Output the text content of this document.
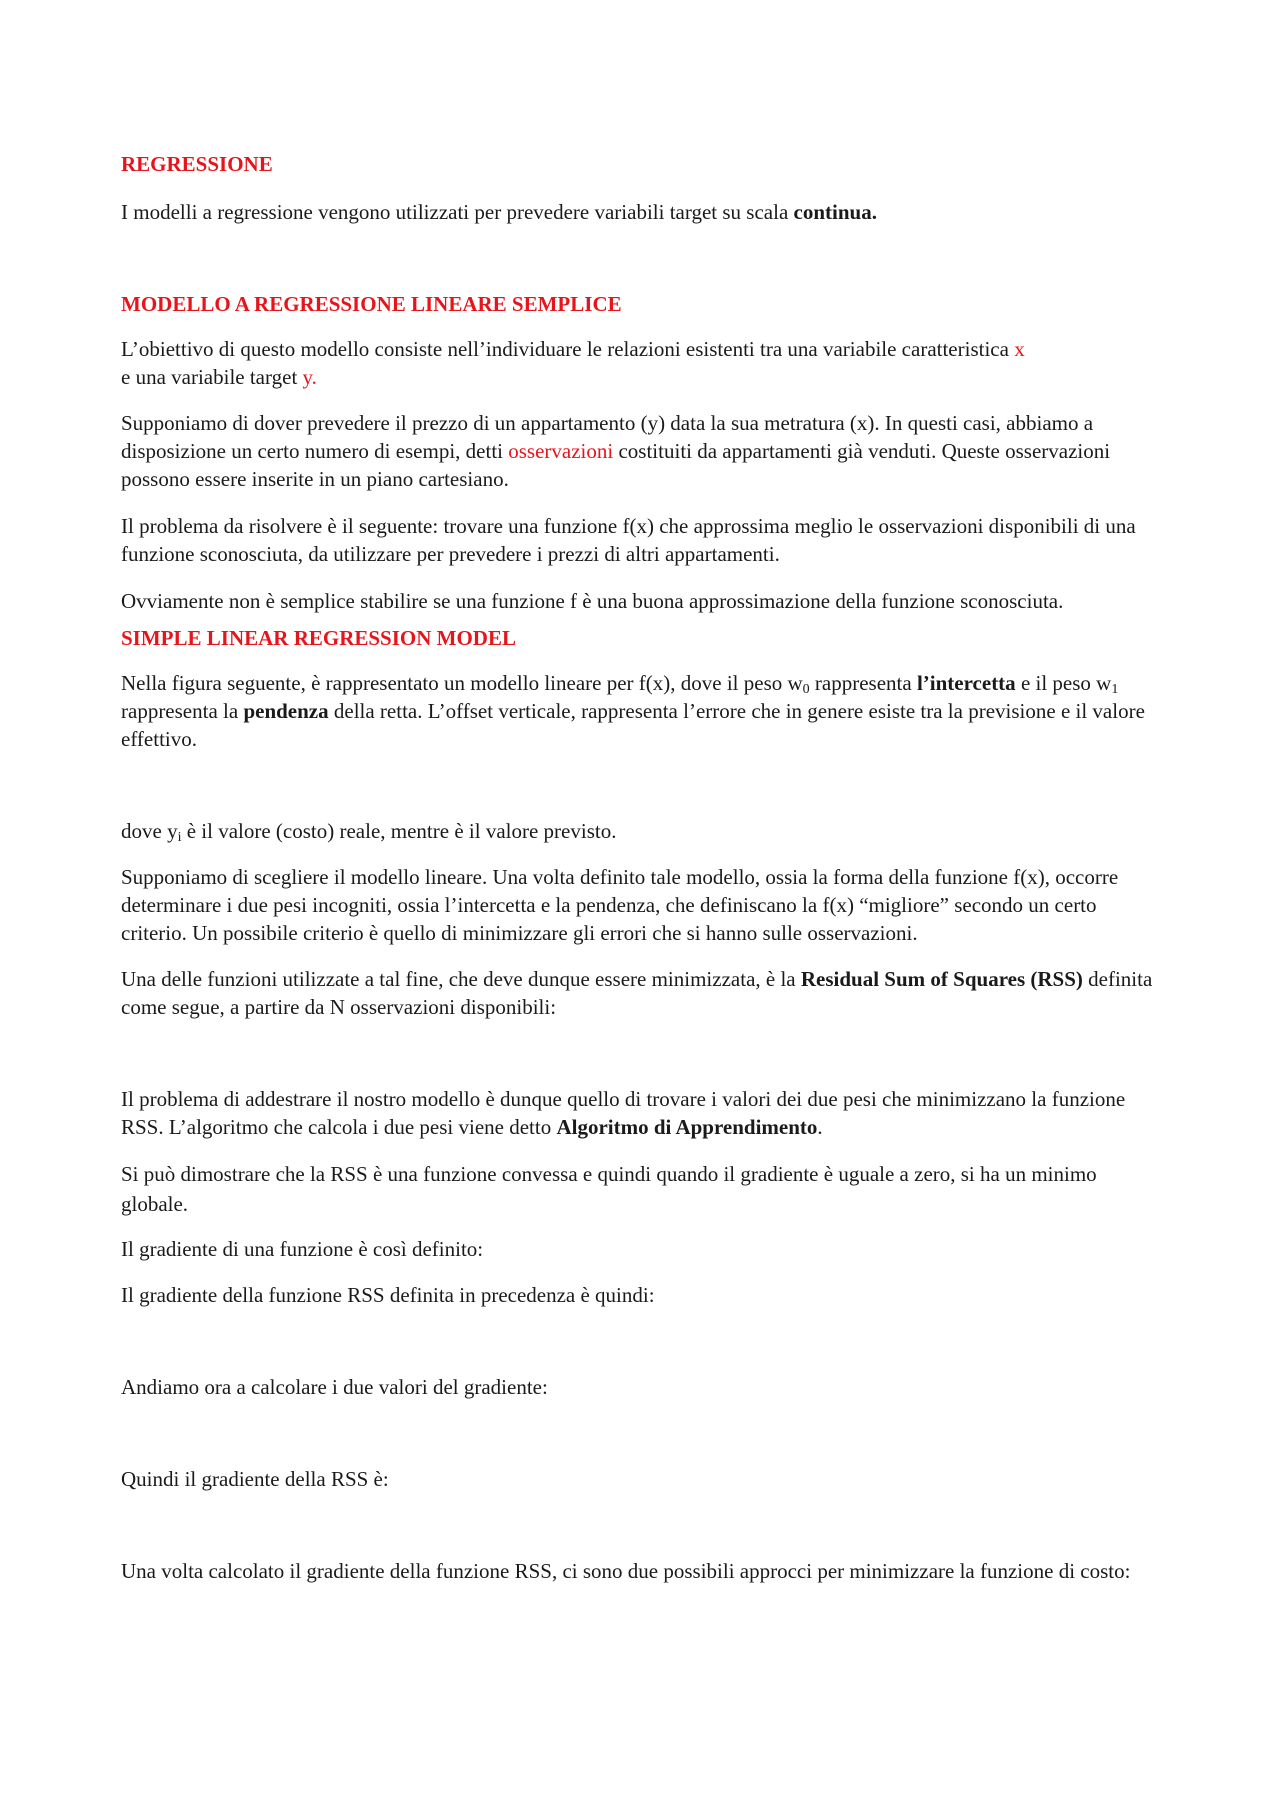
REGRESSIONE

I modelli a regressione vengono utilizzati per prevedere variabili target su scala continua.

MODELLO A REGRESSIONE LINEARE SEMPLICE

L’obiettivo di questo modello consiste nell’individuare le relazioni esistenti tra una variabile caratteristica x
e una variabile target y.

Supponiamo di dover prevedere il prezzo di un appartamento (y) data la sua metratura (x). In questi casi, abbiamo a disposizione un certo numero di esempi, detti osservazioni costituiti da appartamenti già venduti. Queste osservazioni possono essere inserite in un piano cartesiano.

Il problema da risolvere è il seguente: trovare una funzione f(x) che approssima meglio le osservazioni disponibili di una funzione sconosciuta, da utilizzare per prevedere i prezzi di altri appartamenti.

Ovviamente non è semplice stabilire se una funzione f è una buona approssimazione della funzione sconosciuta.

SIMPLE LINEAR REGRESSION MODEL

Nella figura seguente, è rappresentato un modello lineare per f(x), dove il peso $w_0$ rappresenta l’intercetta e il peso $w_1$ rappresenta la pendenza della retta. L’offset verticale, rappresenta l’errore che in genere esiste tra la previsione e il valore effettivo.

dove $y_i$ è il valore (costo) reale, mentre è il valore previsto.

Supponiamo di scegliere il modello lineare. Una volta definito tale modello, ossia la forma della funzione f(x), occorre determinare i due pesi incogniti, ossia l’intercetta e la pendenza, che definiscano la f(x) “migliore” secondo un certo criterio. Un possibile criterio è quello di minimizzare gli errori che si hanno sulle osservazioni.

Una delle funzioni utilizzate a tal fine, che deve dunque essere minimizzata, è la Residual Sum of Squares (RSS) definita come segue, a partire da N osservazioni disponibili:

Il problema di addestrare il nostro modello è dunque quello di trovare i valori dei due pesi che minimizzano la funzione RSS. L’algoritmo che calcola i due pesi viene detto Algoritmo di Apprendimento.

Si può dimostrare che la RSS è una funzione convessa e quindi quando il gradiente è uguale a zero, si ha un minimo globale.

Il gradiente di una funzione è così definito:

Il gradiente della funzione RSS definita in precedenza è quindi:

Andiamo ora a calcolare i due valori del gradiente:

Quindi il gradiente della RSS è:

Una volta calcolato il gradiente della funzione RSS, ci sono due possibili approcci per minimizzare la funzione di costo:
